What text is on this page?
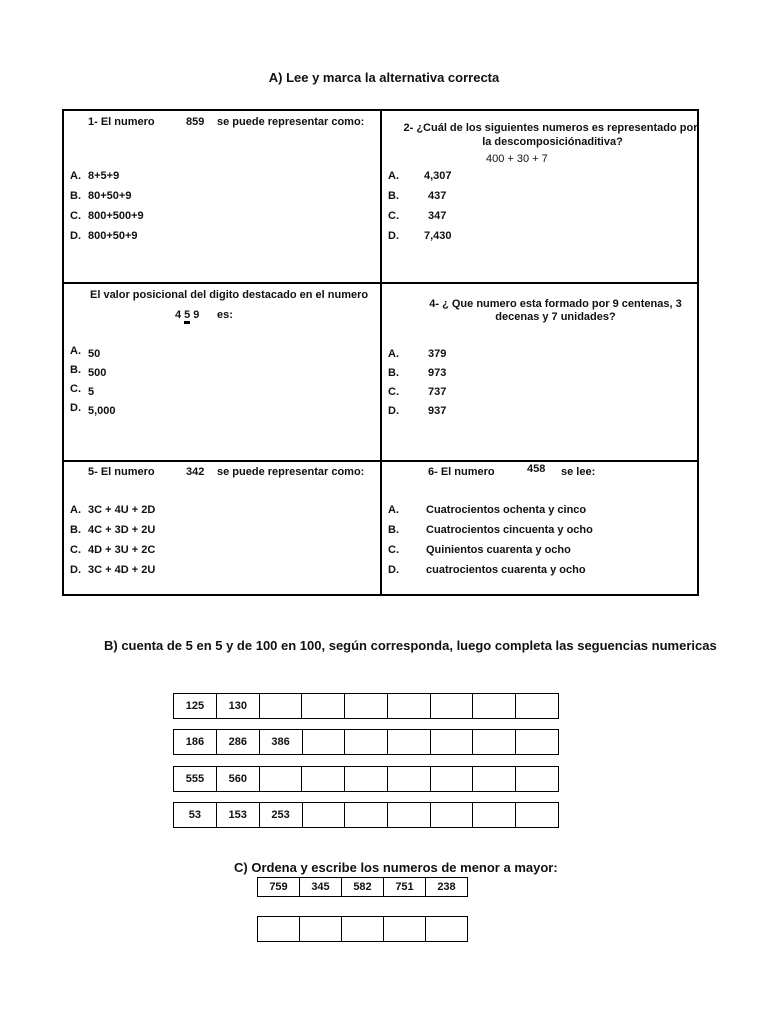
A) Lee y marca la alternativa correcta
1- El numero	859 se puede representar como:
A. 8+5+9
B. 80+50+9
C. 800+500+9
D. 800+50+9
2- ¿Cuál de los siguientes numeros es representado por
la descomposiciónaditiva?
400 + 30 + 7
A. 4,307
B.	437
C.	347
D. 7,430
El valor posicional del digito destacado en el numero
4 5 9 es:
A. 50
B. 500
C. 5
D. 5,000
4- ¿ Que numero esta formado por 9 centenas, 3
decenas y 7 unidades?
A.	379
B.	973
C.	737
D.	937
5- El numero	342 se puede representar como:
A. 3C + 4U + 2D
B. 4C + 3D + 2U
C. 4D + 3U + 2C
D. 3C + 4D + 2U
6- El numero	458 se lee:
A. Cuatrocientos ochenta y cinco
B. Cuatrocientos cincuenta y ocho
C. Quinientos cuarenta y ocho
D. cuatrocientos cuarenta y ocho
B) cuenta de 5 en 5 y de 100 en 100, según corresponda, luego completa las seguencias numericas
125	130							
186	286	386						
555	560							
53	153	253						
C) Ordena y escribe los numeros de menor a mayor:
759	345	582	751	238
